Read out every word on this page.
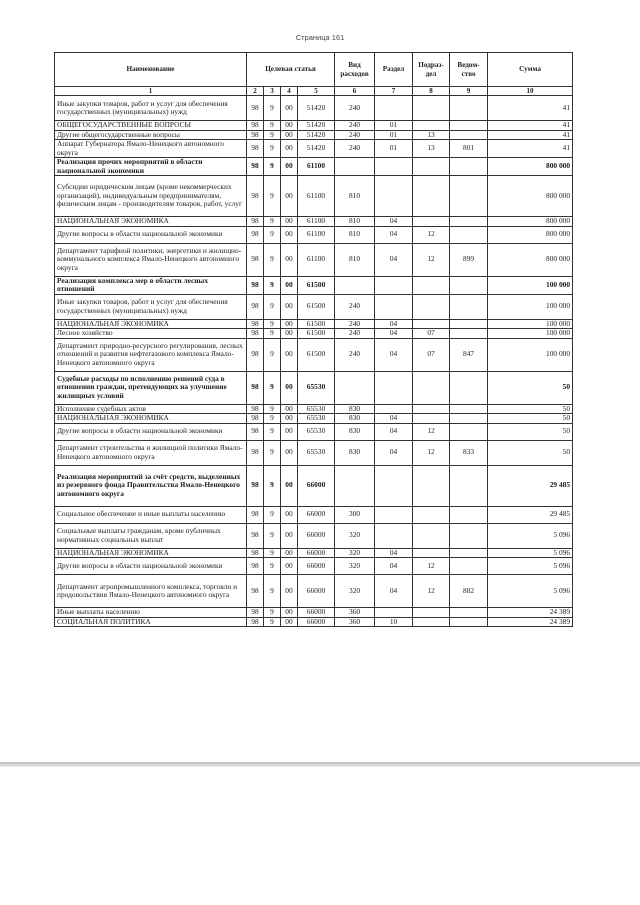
Страница 161
Наименование	Целевая статья				Вид расходов	Раздел	Подраз-дел	Ведом-ство	Сумма
1	2	3	4	5	6	7	8	9	10
Иные закупки товаров, работ и услуг для обеспечения государственных (муниципальных) нужд	98	9	00	51420	240				41
ОБЩЕГОСУДАРСТВЕННЫЕ ВОПРОСЫ	98	9	00	51420	240	01			41
Другие общегосударственные вопросы	98	9	00	51420	240	01	13		41
Аппарат Губернатора Ямало-Ненецкого автономного округа	98	9	00	51420	240	01	13	801	41
Реализация прочих мероприятий в области национальной экономики	98	9	00	61100					800 000
Субсидии юридическим лицам (кроме некоммерческих организаций), индивидуальным предпринимателям, физическим лицам - производителям товаров, работ, услуг	98	9	00	61100	810				800 000
НАЦИОНАЛЬНАЯ ЭКОНОМИКА	98	9	00	61100	810	04			800 000
Другие вопросы в области национальной экономики	98	9	00	61100	810	04	12		800 000
Департамент тарифной политики, энергетики и жилищно-коммунального комплекса Ямало-Ненецкого автономного округа	98	9	00	61100	810	04	12	899	800 000
Реализация комплекса мер в области лесных отношений	98	9	00	61500					100 000
Иные закупки товаров, работ и услуг для обеспечения государственных (муниципальных) нужд	98	9	00	61500	240				100 000
НАЦИОНАЛЬНАЯ ЭКОНОМИКА	98	9	00	61500	240	04			100 000
Лесное хозяйство	98	9	00	61500	240	04	07		100 000
Департамент природно-ресурсного регулирования, лесных отношений и развития нефтегазового комплекса Ямало-Ненецкого автономного округа	98	9	00	61500	240	04	07	847	100 000
Судебные расходы по исполнению решений суда в отношении граждан, претендующих на улучшение жилищных условий	98	9	00	65530					50
Исполнение судебных актов	98	9	00	65530	830				50
НАЦИОНАЛЬНАЯ ЭКОНОМИКА	98	9	00	65530	830	04			50
Другие вопросы в области национальной экономики	98	9	00	65530	830	04	12		50
Департамент строительства и жилищной политики Ямало-Ненецкого автономного округа	98	9	00	65530	830	04	12	833	50
Реализация мероприятий за счёт средств, выделенных из резервного фонда Правительства Ямало-Ненецкого автономного округа	98	9	00	66000					29 485
Социальное обеспечение и иные выплаты населению	98	9	00	66000	300				29 485
Социальные выплаты гражданам, кроме публичных нормативных социальных выплат	98	9	00	66000	320				5 096
НАЦИОНАЛЬНАЯ ЭКОНОМИКА	98	9	00	66000	320	04			5 096
Другие вопросы в области национальной экономики	98	9	00	66000	320	04	12		5 096
Департамент агропромышленного комплекса, торговли и продовольствия Ямало-Ненецкого автономного округа	98	9	00	66000	320	04	12	882	5 096
Иные выплаты населению	98	9	00	66000	360				24 389
СОЦИАЛЬНАЯ ПОЛИТИКА	98	9	00	66000	360	10			24 389
